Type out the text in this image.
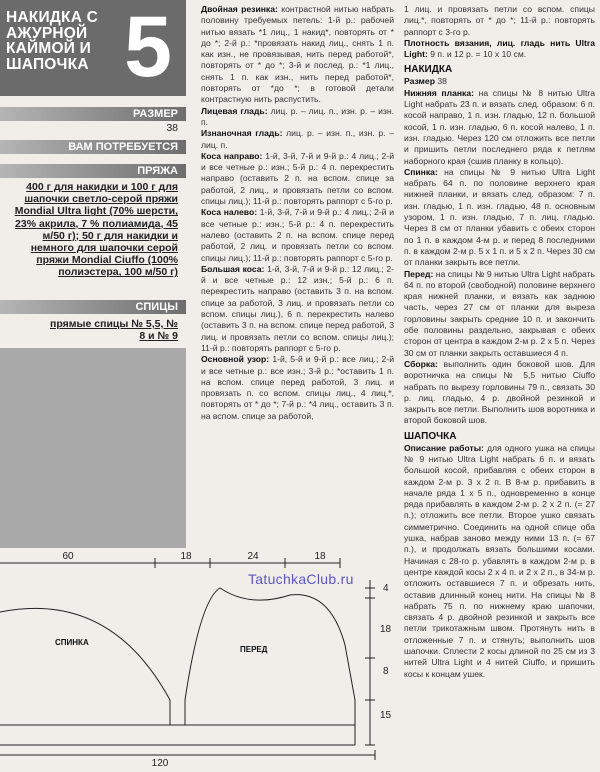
НАКИДКА С АЖУРНОЙ КАЙМОЙ И ШАПОЧКА 5
РАЗМЕР
38
ВАМ ПОТРЕБУЕТСЯ
ПРЯЖА
400 г для накидки и 100 г для шапочки светло-серой пряжи Mondial Ultra light (70% шерсти, 23% акрила, 7 % полиамида, 45 м/50 г); 50 г для накидки и немного для шапочки серой пряжи Mondial Ciuffo (100% полиэстера, 100 м/50 г)
СПИЦЫ
прямые спицы № 5,5, № 8 и № 9

Двойная резинка: контрастной нитью набрать половину требуемых петель: 1-й р.: рабочей нитью вязать *1 лиц., 1 накид*, повторять от * до *; 2-й р.: *провязать накид лиц., снять 1 п. как изн., не провязывая, нить перед работой*, повторять от * до *; 3-й и послед. р.: *1 лиц., снять 1 п. как изн., нить перед работой*, повторять от *до *; в готовой детали контрастную нить распустить.

Лицевая гладь: лиц. р. – лиц. п., изн. р. – изн. п.

Изнаночная гладь: лиц. р. – изн. п., изн. р. – лиц. п.

Коса направо: 1-й, 3-й, 7-й и 9-й р.: 4 лиц.; 2-й и все четные р.: изн.; 5-й р.: 4 п. перекрестить направо (оставить 2 п. на вспом. спице за работой, 2 лиц., и провязать петли со вспом. спицы лиц.); 11-й р.: повторять раппорт с 5-го р.

Коса налево: 1-й, 3-й, 7-й и 9-й р.: 4 лиц.; 2-й и все четные р.: изн.; 5-й р.: 4 п. перекрестить налево (оставить 2 п. на вспом. спице перед работой, 2 лиц. и провязать петли со вспом. спицы лиц.); 11-й р.: повторять раппорт с 5-го р.

Большая коса: 1-й, 3-й, 7-й и 9-й р.: 12 лиц.; 2-й и все четные р.: 12 изн.; 5-й р.: 6 п. перекрестить направо (оставить 3 п. на вспом. спице за работой, 3 лиц. и провязать петли со вспом. спицы лиц.), 6 п. перекрестить налево (оставить 3 п. на вспом. спице перед работой, 3 лиц. и провязать петли со вспом. спицы лиц.); 11-й р.: повторять раппорт с 5-го р.

Основной узор: 1-й, 5-й и 9-й р.: все лиц.; 2-й и все четные р.: все изн.; 3-й р.: *оставить 1 п. на вспом. спице перед работой, 3 лиц. и провязать п. со вспом. спицы лиц., 4 лиц.*, повторять от * до *; 7-й р.: *4 лиц., оставить 3 п. на вспом. спице за работой,

1 лиц. и провязать петли со вспом. спицы лиц.*, повторять от * до *; 11-й р.: повторять раппорт с 3-го р.

Плотность вязания, лиц. гладь нить Ultra Light: 9 п. и 12 р. = 10 x 10 см.

НАКИДКА

Размер 38

Нижняя планка: на спицы № 8 нитью Ultra Light набрать 23 п. и вязать след. образом: 6 п. косой направо, 1 п. изн. гладью, 12 п. большой косой, 1 п. изн. гладью, 6 п. косой налево, 1 п. изн. гладью. Через 120 см отложить все петли и пришить петли последнего ряда к петлям наборного края (сшив планку в кольцо).

Спинка: на спицы № 9 нитью Ultra Light набрать 64 п. по половине верхнего края нижней планки, и вязать след. образом: 7 п. изн. гладью, 1 п. изн. гладью, 48 п. основным узором, 1 п. изн. гладью, 7 п. лиц. гладью. Через 8 см от планки убавить с обеих сторон по 1 п. в каждом 4-м р. и перед 8 последними п. в каждом 2-м р. 5 x 1 п. и 5 x 2 п. Через 30 см от планки закрыть все петли.

Перед: на спицы № 9 нитью Ultra Light набрать 64 п. по второй (свободной) половине верхнего края нижней планки, и вязать как заднюю часть, через 27 см от планки для выреза горловины закрыть средние 10 п. и закончить обе половины раздельно, закрывая с обеих сторон от центра в каждом 2-м р. 2 x 5 п. Через 30 см от планки закрыть оставшиеся 4 п.

Сборка: выполнить один боковой шов. Для воротничка на спицы № 5,5 нитью Ciuffo набрать по вырезу горловины 79 п., связать 30 р. лиц. гладью, 4 р. двойной резинкой и закрыть все петли. Выполнить шов воротника и второй боковой шов.

ШАПОЧКА

Описание работы: для одного ушка на спицы № 9 нитью Ultra Light набрать 6 п. и вязать большой косой, прибавляя с обеих сторон в каждом 2-м р. 3 x 2 п. В 8-м р. прибавить в начале ряда 1 x 5 п., одновременно в конце ряда прибавлять в каждом 2-м р. 2 x 2 п. (= 27 п.); отложить все петли. Второе ушко связать симметрично. Соединить на одной спице оба ушка, набрав заново между ними 13 п. (= 67 п.), и продолжать вязать большими косами. Начиная с 28-го р. убавлять в каждом 2-м р. в центре каждой косы 2 x 4 п. и 2 x 2 п., в 34-м р. отложить оставшиеся 7 п. и обрезать нить, оставив длинный конец нити. На спицы № 8 набрать 75 п. по нижнему краю шапочки, связать 4 р. двойной резинкой и закрыть все петли трикотажным швом. Протянуть нить в отложенные 7 п. и стянуть; выполнить шов шапочки. Сплести 2 косы длиной по 25 см из 3 нитей Ultra Light и 4 нитей Ciuffo, и пришить косы к концам ушек.

TatuchkaClub.ru
60	18	24	18
4
18
8
15
120
СПИНКА
ПЕРЕД
